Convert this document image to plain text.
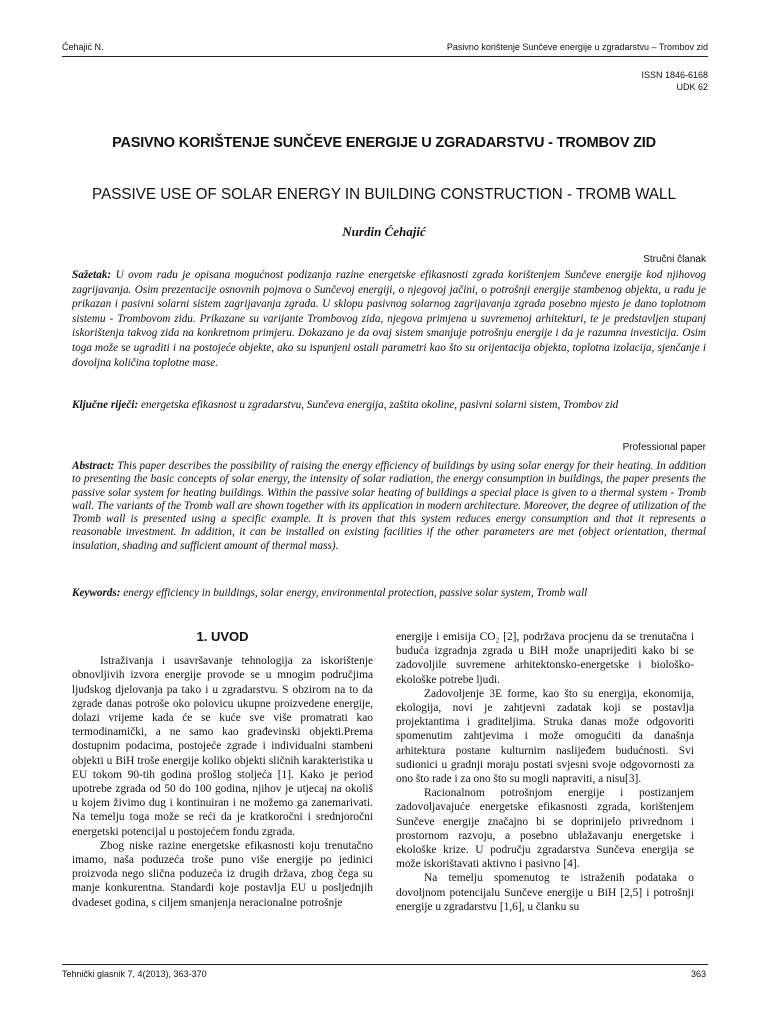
Ćehajić N.	Pasivno korištenje Sunčeve energije u zgradarstvu – Trombov zid
ISSN 1846-6168
UDK 62
PASIVNO KORIŠTENJE SUNČEVE ENERGIJE U ZGRADARSTVU - TROMBOV ZID
PASSIVE USE OF SOLAR ENERGY IN BUILDING CONSTRUCTION - TROMB WALL
Nurdin Ćehajić
Stručni članak
Sažetak: U ovom radu je opisana mogućnost podizanja razine energetske efikasnosti zgrada korištenjem Sunčeve energije kod njihovog zagrijavanja. Osim prezentacije osnovnih pojmova o Sunčevoj energiji, o njegovoj jačini, o potrošnji energije stambenog objekta, u radu je prikazan i pasivni solarni sistem zagrijavanja zgrada. U sklopu pasivnog solarnog zagrijavanja zgrada posebno mjesto je dano toplotnom sistemu - Trombovom zidu. Prikazane su varijante Trombovog zida, njegova primjena u suvremenoj arhitekturi, te je predstavljen stupanj iskorištenja takvog zida na konkretnom primjeru. Dokazano je da ovaj sistem smanjuje potrošnju energije i da je razumna investicija. Osim toga može se ugraditi i na postojeće objekte, ako su ispunjeni ostali parametri kao što su orijentacija objekta, toplotna izolacija, sjenčanje i dovoljna količina toplotne mase.
Ključne riječi: energetska efikasnost u zgradarstvu, Sunčeva energija, zaštita okoline, pasivni solarni sistem, Trombov zid
Professional paper
Abstract: This paper describes the possibility of raising the energy efficiency of buildings by using solar energy for their heating. In addition to presenting the basic concepts of solar energy, the intensity of solar radiation, the energy consumption in buildings, the paper presents the passive solar system for heating buildings. Within the passive solar heating of buildings a special place is given to a thermal system - Tromb wall. The variants of the Tromb wall are shown together with its application in modern architecture. Moreover, the degree of utilization of the Tromb wall is presented using a specific example. It is proven that this system reduces energy consumption and that it represents a reasonable investment. In addition, it can be installed on existing facilities if the other parameters are met (object orientation, thermal insulation, shading and sufficient amount of thermal mass).
Keywords: energy efficiency in buildings, solar energy, environmental protection, passive solar system, Tromb wall
1. UVOD

Istraživanja i usavršavanje tehnologija za iskorištenje obnovljivih izvora energije provode se u mnogim područjima ljudskog djelovanja pa tako i u zgradarstvu. S obzirom na to da zgrade danas potroše oko polovicu ukupne proizvedene energije, dolazi vrijeme kada će se kuće sve više promatrati kao termodinamički, a ne samo kao građevinski objekti.Prema dostupnim podacima, postojeće zgrade i individualni stambeni objekti u BiH troše energije koliko objekti sličnih karakteristika u EU tokom 90-tih godina prošlog stoljeća [1]. Kako je period upotrebe zgrada od 50 do 100 godina, njihov je utjecaj na okoliš u kojem živimo dug i kontinuiran i ne možemo ga zanemarivati. Na temelju toga može se reći da je kratkoročni i srednjoročni energetski potencijal u postojećem fondu zgrada.

Zbog niske razine energetske efikasnosti koju trenutačno imamo, naša poduzeća troše puno više energije po jedinici proizvoda nego slična poduzeća iz drugih država, zbog čega su manje konkurentna. Standardi koje postavlja EU u posljednjih dvadeset godina, s ciljem smanjenja neracionalne potrošnje

energije i emisija CO₂ [2], podržava procjenu da se trenutačna i buduća izgradnja zgrada u BiH može unaprijediti kako bi se zadovoljile suvremene arhitektonsko-energetske i biološko-ekološke potrebe ljudi.

Zadovoljenje 3E forme, kao što su energija, ekonomija, ekologija, novi je zahtjevni zadatak koji se postavlja projektantima i graditeljima. Struka danas može odgovoriti spomenutim zahtjevima i može omogućiti da današnja arhitektura postane kulturnim naslijeđem budućnosti. Svi sudionici u gradnji moraju postati svjesni svoje odgovornosti za ono što rade i za ono što su mogli napraviti, a nisu[3].

Racionalnom potrošnjom energije i postizanjem zadovoljavajuće energetske efikasnosti zgrada, korištenjem Sunčeve energije značajno bi se doprinijelo privrednom i prostornom razvoju, a posebno ublažavanju energetske i ekološke krize. U području zgradarstva Sunčeva energija se može iskorištavati aktivno i pasivno [4].

Na temelju spomenutog te istraženih podataka o dovoljnom potencijalu Sunčeve energije u BiH [2,5] i potrošnji energije u zgradarstvu [1,6], u članku su

Tehnički glasnik 7, 4(2013), 363-370	363
